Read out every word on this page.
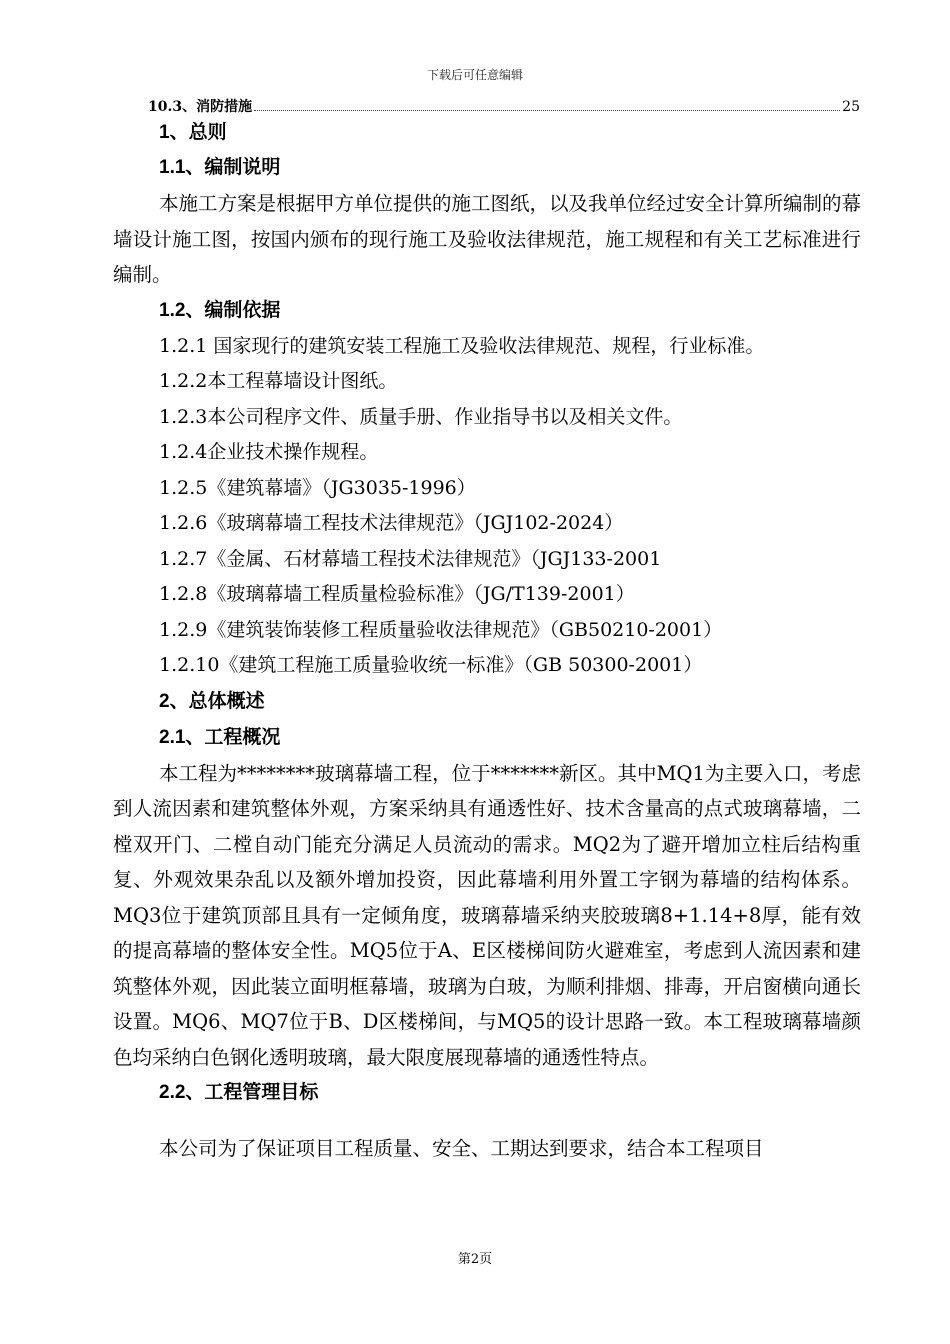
下载后可任意编辑
10.3、消防措施	25
1、总则
1.1、编制说明

本施工方案是根据甲方单位提供的施工图纸，以及我单位经过安全计算所编制的幕墙设计施工图，按国内颁布的现行施工及验收法律规范，施工规程和有关工艺标准进行编制。

1.2、编制依据
1.2.1 国家现行的建筑安装工程施工及验收法律规范、规程，行业标准。
1.2.2本工程幕墙设计图纸。
1.2.3本公司程序文件、质量手册、作业指导书以及相关文件。
1.2.4企业技术操作规程。
1.2.5《建筑幕墙》（JG3035-1996）
1.2.6《玻璃幕墙工程技术法律规范》（JGJ102-2024）
1.2.7《金属、石材幕墙工程技术法律规范》（JGJ133-2001
1.2.8《玻璃幕墙工程质量检验标准》（JG/T139-2001）
1.2.9《建筑装饰装修工程质量验收法律规范》（GB50210-2001）
1.2.10《建筑工程施工质量验收统一标准》（GB 50300-2001）
2、总体概述
2.1、工程概况

本工程为********玻璃幕墙工程，位于*******新区。其中MQ1为主要入口，考虑到人流因素和建筑整体外观，方案采纳具有通透性好、技术含量高的点式玻璃幕墙，二樘双开门、二樘自动门能充分满足人员流动的需求。MQ2为了避开增加立柱后结构重复、外观效果杂乱以及额外增加投资，因此幕墙利用外置工字钢为幕墙的结构体系。MQ3位于建筑顶部且具有一定倾角度，玻璃幕墙采纳夹胶玻璃8+1.14+8厚，能有效的提高幕墙的整体安全性。MQ5位于A、E区楼梯间防火避难室，考虑到人流因素和建筑整体外观，因此装立面明框幕墙，玻璃为白玻，为顺利排烟、排毒，开启窗横向通长设置。MQ6、MQ7位于B、D区楼梯间，与MQ5的设计思路一致。本工程玻璃幕墙颜色均采纳白色钢化透明玻璃，最大限度展现幕墙的通透性特点。

2.2、工程管理目标

本公司为了保证项目工程质量、安全、工期达到要求，结合本工程项目

第2页
